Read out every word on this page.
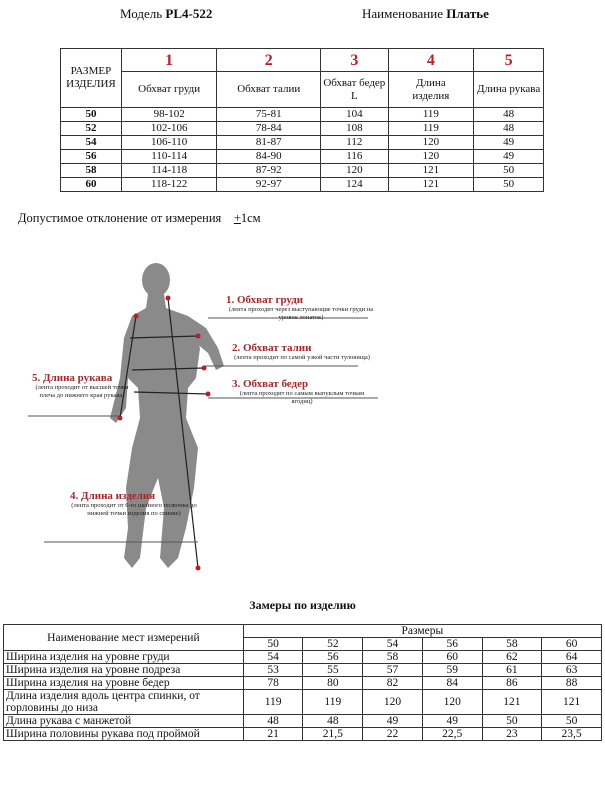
Модель PL4-522	Наименование Платье
РАЗМЕР ИЗДЕЛИЯ	1	2	3	4	5
	Обхват груди	Обхват талии	Обхват бедер L	Длина изделия	Длина рукава
50	98-102	75-81	104	119	48
52	102-106	78-84	108	119	48
54	106-110	81-87	112	120	49
56	110-114	84-90	116	120	49
58	114-118	87-92	120	121	50
60	118-122	92-97	124	121	50
Допустимое отклонение от измерения +1см
1. Обхват груди
(лента проходит через выступающие точки груди на уровне лопаток)
2. Обхват талии
(лента проходит по самой узкой части туловища)
3. Обхват бедер
(лента проходит по самым выпуклым точкам ягодиц)
4. Длина изделия
(лента проходит от 6-го шейного позвонка до нижней точки изделия по спинке)
5. Длина рукава
(лента проходит от высшей точки плеча до нижнего края рукава)
Замеры по изделию
Наименование мест измерений	Размеры					
	50	52	54	56	58	60
Ширина изделия на уровне груди	54	56	58	60	62	64
Ширина изделия на уровне подреза	53	55	57	59	61	63
Ширина изделия на уровне бедер	78	80	82	84	86	88
Длина изделия вдоль центра спинки, от горловины до низа	119	119	120	120	121	121
Длина рукава с манжетой	48	48	49	49	50	50
Ширина половины рукава под проймой	21	21,5	22	22,5	23	23,5
